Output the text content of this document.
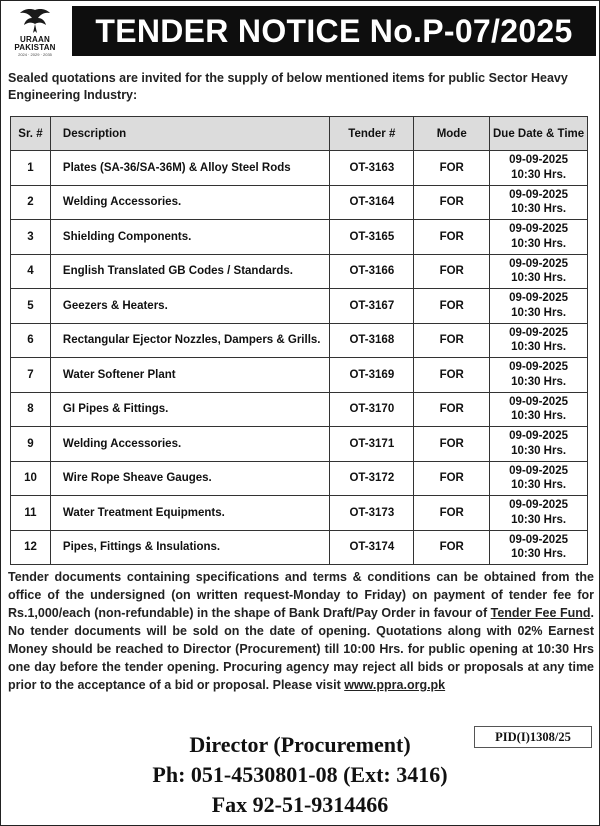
URAAN
PAKISTAN
2024 · 2029 · 2035
TENDER NOTICE No.P-07/2025
Sealed quotations are invited for the supply of below mentioned items for public Sector Heavy Engineering Industry:
Sr. #	Description	Tender #	Mode	Due Date & Time
1	Plates (SA-36/SA-36M) & Alloy Steel Rods	OT-3163	FOR	09-09-2025
10:30 Hrs.

2	Welding Accessories.	OT-3164	FOR	09-09-2025
10:30 Hrs.

3	Shielding Components.	OT-3165	FOR	09-09-2025
10:30 Hrs.

4	English Translated GB Codes / Standards.	OT-3166	FOR	09-09-2025
10:30 Hrs.

5	Geezers & Heaters.	OT-3167	FOR	09-09-2025
10:30 Hrs.

6	Rectangular Ejector Nozzles, Dampers & Grills.	OT-3168	FOR	09-09-2025
10:30 Hrs.

7	Water Softener Plant	OT-3169	FOR	09-09-2025
10:30 Hrs.

8	GI Pipes & Fittings.	OT-3170	FOR	09-09-2025
10:30 Hrs.

9	Welding Accessories.	OT-3171	FOR	09-09-2025
10:30 Hrs.

10	Wire Rope Sheave Gauges.	OT-3172	FOR	09-09-2025
10:30 Hrs.

11	Water Treatment Equipments.	OT-3173	FOR	09-09-2025
10:30 Hrs.

12	Pipes, Fittings & Insulations.	OT-3174	FOR	09-09-2025
10:30 Hrs.
Tender documents containing specifications and terms & conditions can be obtained from the office of the undersigned (on written request-Monday to Friday) on payment of tender fee for Rs.1,000/each (non-refundable) in the shape of Bank Draft/Pay Order in favour of Tender Fee Fund. No tender documents will be sold on the date of opening. Quotations along with 02% Earnest Money should be reached to Director (Procurement) till 10:00 Hrs. for public opening at 10:30 Hrs one day before the tender opening. Procuring agency may reject all bids or proposals at any time prior to the acceptance of a bid or proposal. Please visit www.ppra.org.pk
PID(I)1308/25
Director (Procurement)
Ph: 051-4530801-08 (Ext: 3416)
Fax 92-51-9314466
